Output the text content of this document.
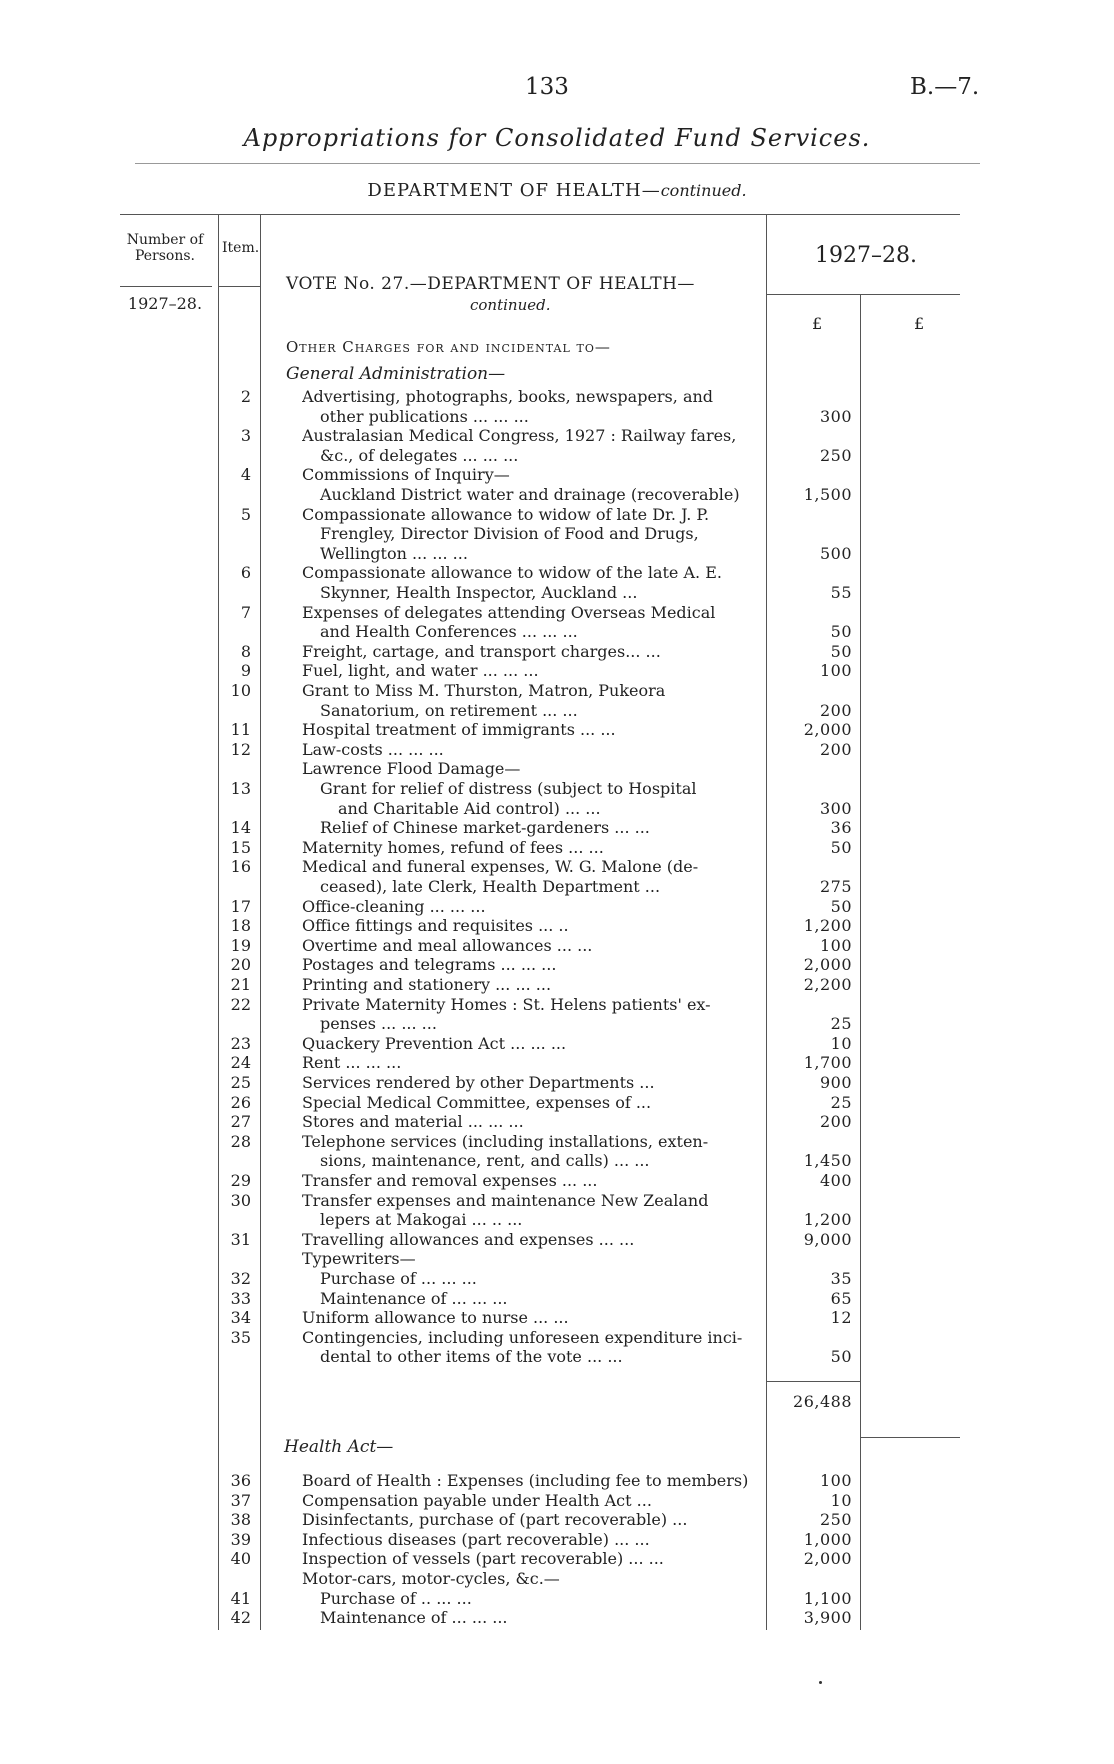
133	B.—7.
Appropriations for Consolidated Fund Services.
DEPARTMENT OF HEALTH—continued.
Number of Persons.	Item.	1927–28.
1927–28.
£	£
VOTE No. 27.—DEPARTMENT OF HEALTH—
continued.
Other Charges for and incidental to—
General Administration—
2	Advertising, photographs, books, newspapers, and
other publications ... ... ...	300
3	Australasian Medical Congress, 1927 : Railway fares,
&c., of delegates ... ... ...	250
4	Commissions of Inquiry—
Auckland District water and drainage (recoverable)	1,500
5	Compassionate allowance to widow of late Dr. J. P.
Frengley, Director Division of Food and Drugs,
Wellington ... ... ...	500
6	Compassionate allowance to widow of the late A. E.
Skynner, Health Inspector, Auckland ...	55
7	Expenses of delegates attending Overseas Medical
and Health Conferences ... ... ...	50
8	Freight, cartage, and transport charges... ...	50
9	Fuel, light, and water ... ... ...	100
10	Grant to Miss M. Thurston, Matron, Pukeora
Sanatorium, on retirement ... ...	200
11	Hospital treatment of immigrants ... ...	2,000
12	Law-costs ... ... ...	200
Lawrence Flood Damage—
13	Grant for relief of distress (subject to Hospital
and Charitable Aid control) ... ...	300
14	Relief of Chinese market-gardeners ... ...	36
15	Maternity homes, refund of fees ... ...	50
16	Medical and funeral expenses, W. G. Malone (de-
ceased), late Clerk, Health Department ...	275
17	Office-cleaning ... ... ...	50
18	Office fittings and requisites ... ..	1,200
19	Overtime and meal allowances ... ...	100
20	Postages and telegrams ... ... ...	2,000
21	Printing and stationery ... ... ...	2,200
22	Private Maternity Homes : St. Helens patients' ex-
penses ... ... ...	25
23	Quackery Prevention Act ... ... ...	10
24	Rent ... ... ...	1,700
25	Services rendered by other Departments ...	900
26	Special Medical Committee, expenses of ...	25
27	Stores and material ... ... ...	200
28	Telephone services (including installations, exten-
sions, maintenance, rent, and calls) ... ...	1,450
29	Transfer and removal expenses ... ...	400
30	Transfer expenses and maintenance New Zealand
lepers at Makogai ... .. ...	1,200
31	Travelling allowances and expenses ... ...	9,000
Typewriters—
32	Purchase of ... ... ...	35
33	Maintenance of ... ... ...	65
34	Uniform allowance to nurse ... ...	12
35	Contingencies, including unforeseen expenditure inci-
dental to other items of the vote ... ...	50
36	Board of Health : Expenses (including fee to members)	100
37	Compensation payable under Health Act ...	10
38	Disinfectants, purchase of (part recoverable) ...	250
39	Infectious diseases (part recoverable) ... ...	1,000
40	Inspection of vessels (part recoverable) ... ...	2,000
Motor-cars, motor-cycles, &c.—
41	Purchase of .. ... ...	1,100
42	Maintenance of ... ... ...	3,900
26,488
Health Act—
